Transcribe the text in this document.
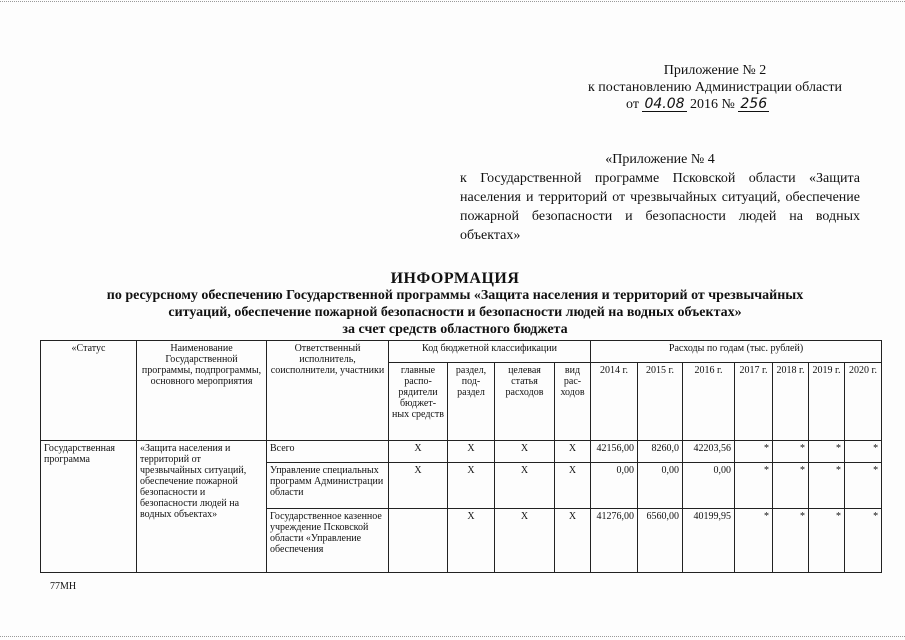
Приложение № 2
к постановлению Администрации области
от 04.08 2016 № 256
«Приложение № 4
к Государственной программе Псковской области «Защита населения и территорий от чрезвычайных ситуаций, обеспечение пожарной безопасности и безопасности людей на водных объектах»
ИНФОРМАЦИЯ
по ресурсному обеспечению Государственной программы «Защита населения и территорий от чрезвычайных
ситуаций, обеспечение пожарной безопасности и безопасности людей на водных объектах»
за счет средств областного бюджета
«Статус	Наименование Государственной программы, подпрограммы, основного мероприятия	Ответственный исполнитель, соисполнители, участники	Код бюджетной классификации				Расходы по годам (тыс. рублей)						
			главные распо-рядители бюджет-ных средств	раздел, под-раздел	целевая статья расходов	вид рас-ходов	2014 г.	2015 г.	2016 г.	2017 г.	2018 г.	2019 г.	2020 г.
Государственная программа	«Защита населения и территорий от чрезвычайных ситуаций, обеспечение пожарной безопасности и безопасности людей на водных объектах»	Всего	Х	Х	Х	Х	42156,00	8260,0	42203,56	*	*	*	*
		Управление специальных программ Администрации области	Х	Х	Х	Х	0,00	0,00	0,00	*	*	*	*
		Государственное казенное учреждение Псковской области «Управление обеспечения		Х	Х	Х	41276,00	6560,00	40199,95	*	*	*	*
77МН
